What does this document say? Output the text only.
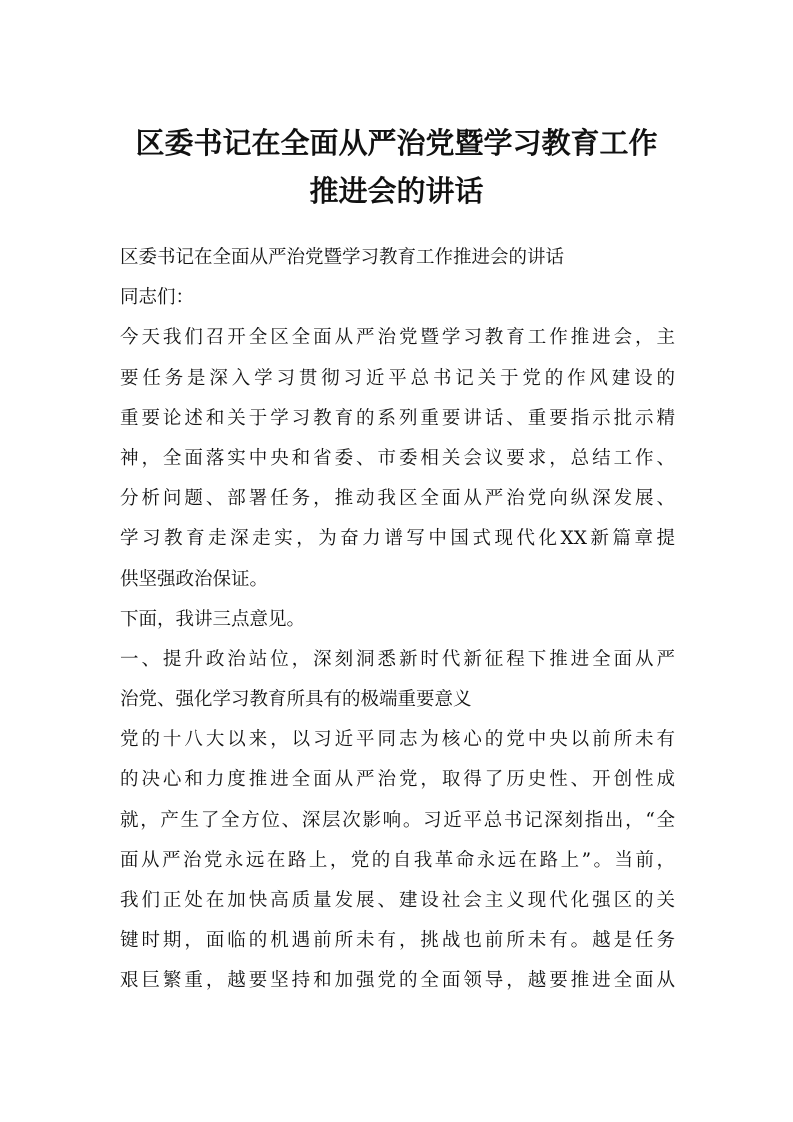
区委书记在全面从严治党暨学习教育工作
推进会的讲话
区委书记在全面从严治党暨学习教育工作推进会的讲话
同志们：
今天我们召开全区全面从严治党暨学习教育工作推进会，主
要任务是深入学习贯彻习近平总书记关于党的作风建设的
重要论述和关于学习教育的系列重要讲话、重要指示批示精
神，全面落实中央和省委、市委相关会议要求，总结工作、
分析问题、部署任务，推动我区全面从严治党向纵深发展、
学习教育走深走实，为奋力谱写中国式现代化XX新篇章提
供坚强政治保证。
下面，我讲三点意见。
一、提升政治站位，深刻洞悉新时代新征程下推进全面从严
治党、强化学习教育所具有的极端重要意义
党的十八大以来，以习近平同志为核心的党中央以前所未有
的决心和力度推进全面从严治党，取得了历史性、开创性成
就，产生了全方位、深层次影响。习近平总书记深刻指出，“全
面从严治党永远在路上，党的自我革命永远在路上”。当前，
我们正处在加快高质量发展、建设社会主义现代化强区的关
键时期，面临的机遇前所未有，挑战也前所未有。越是任务
艰巨繁重，越要坚持和加强党的全面领导，越要推进全面从
